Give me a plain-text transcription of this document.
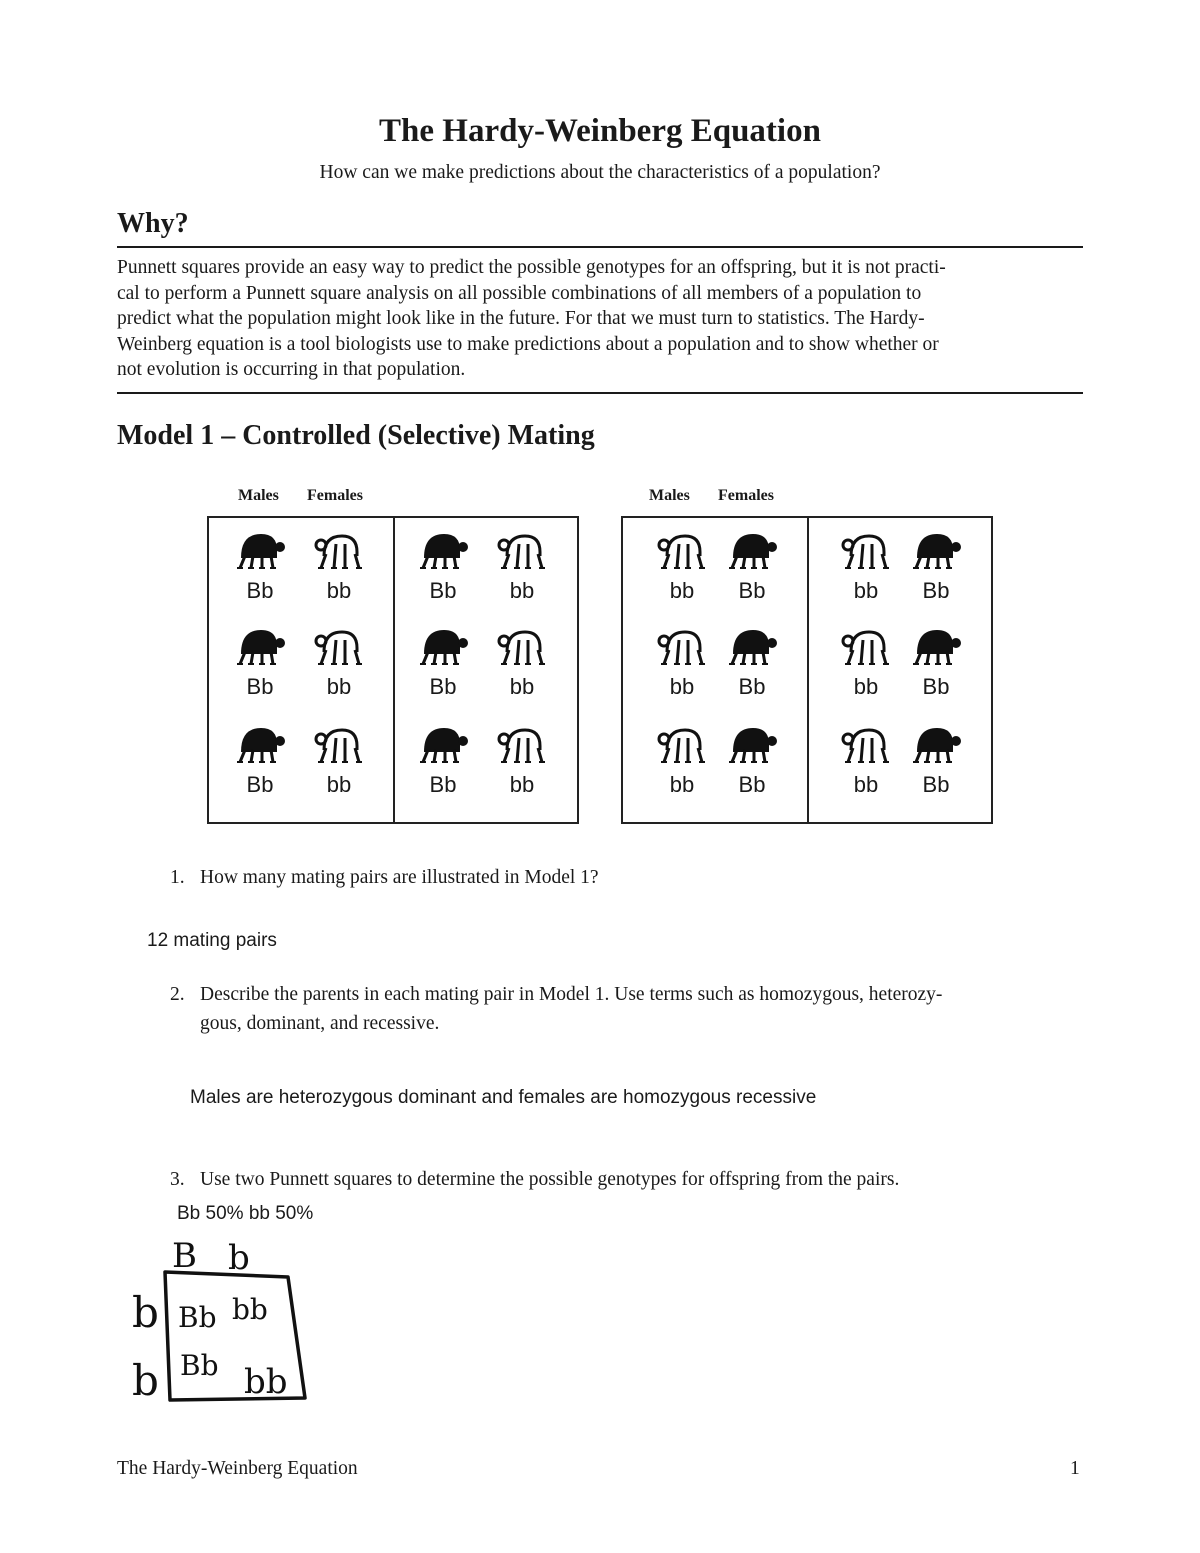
The Hardy-Weinberg Equation
How can we make predictions about the characteristics of a population?
Why?
Punnett squares provide an easy way to predict the possible genotypes for an offspring, but it is not practi-
cal to perform a Punnett square analysis on all possible combinations of all members of a population to
predict what the population might look like in the future. For that we must turn to statistics. The Hardy-
Weinberg equation is a tool biologists use to make predictions about a population and to show whether or
not evolution is occurring in that population.
Model 1 – Controlled (Selective) Mating
Males Females	Males Females
Bb	bb	Bb	bb	bb	Bb	bb	Bb
Bb	bb	Bb	bb	bb	Bb	bb	Bb
Bb	bb	Bb	bb	bb	Bb	bb	Bb
1. How many mating pairs are illustrated in Model 1?
12 mating pairs
2. Describe the parents in each mating pair in Model 1. Use terms such as homozygous, heterozy-
gous, dominant, and recessive.
Males are heterozygous dominant and females are homozygous recessive
3. Use two Punnett squares to determine the possible genotypes for offspring from the pairs.
Bb 50% bb 50%
B b
b
b
Bb bb
Bb bb
The Hardy-Weinberg Equation	1
